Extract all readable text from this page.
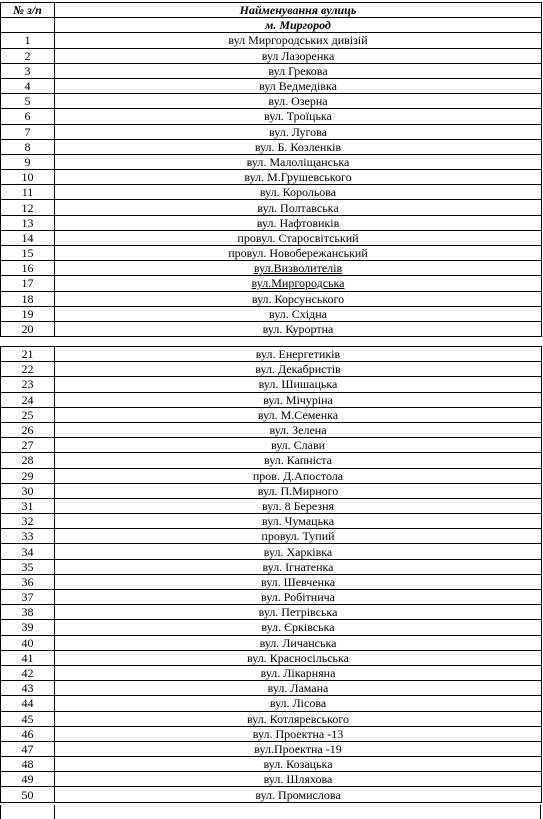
№ з/п	Найменування вулиць
	м. Миргород
1	вул Миргородських дивізій
2	вул Лазоренка
3	вул Грекова
4	вул Ведмедівка
5	вул. Озерна
6	вул. Троїцька
7	вул. Лугова
8	вул. Б. Козленків
9	вул. Малоліщанська
10	вул. М.Грушевського
11	вул. Корольова
12	вул. Полтавська
13	вул. Нафтовиків
14	провул. Старосвітський
15	провул. Новобережанський
16	вул.Визволителів
17	вул.Миргородська
18	вул. Корсунського
19	вул. Східна
20	вул. Курортна
21	вул. Енергетиків
22	вул. Декабристів
23	вул. Шишацька
24	вул. Мічуріна
25	вул. М.Семенка
26	вул. Зелена
27	вул. Слави
28	вул. Капніста
29	пров. Д.Апостола
30	вул. П.Мирного
31	вул. 8 Березня
32	вул. Чумацька
33	провул. Тупий
34	вул. Харківка
35	вул. Ігнатенка
36	вул. Шевченка
37	вул. Робітнича
38	вул. Петрівська
39	вул. Єрківська
40	вул. Личанська
41	вул. Красносільська
42	вул. Лікарняна
43	вул. Ламана
44	вул. Лісова
45	вул. Котляревського
46	вул. Проектна -13
47	вул.Проектна -19
48	вул. Козацька
49	вул. Шляхова
50	вул. Промислова
